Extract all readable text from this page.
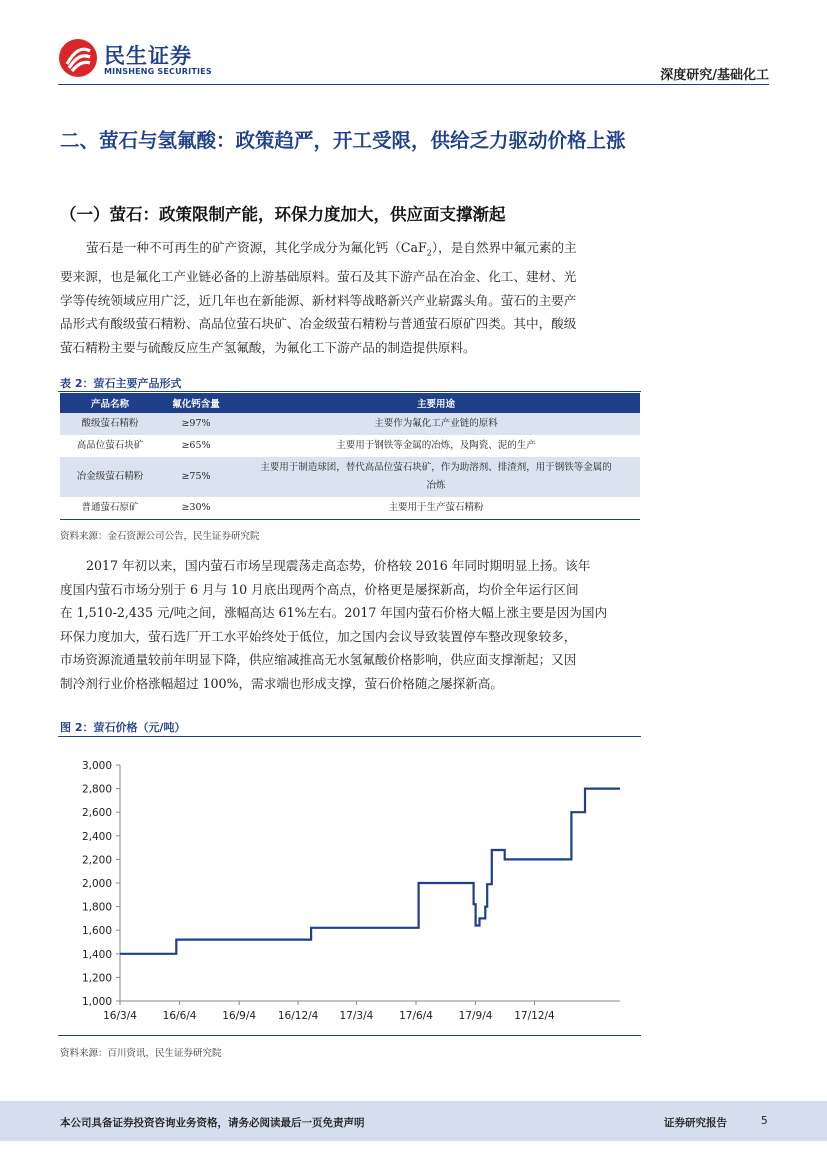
民生证券
MINSHENG SECURITIES	深度研究/基础化工
二、萤石与氢氟酸：政策趋严，开工受限，供给乏力驱动价格上涨
（一）萤石：政策限制产能，环保力度加大，供应面支撑渐起
萤石是一种不可再生的矿产资源，其化学成分为氟化钙（CaF$_2$），是自然界中氟元素的主
要来源，也是氟化工产业链必备的上游基础原料。萤石及其下游产品在冶金、化工、建材、光
学等传统领域应用广泛，近几年也在新能源、新材料等战略新兴产业崭露头角。萤石的主要产
品形式有酸级萤石精粉、高品位萤石块矿、冶金级萤石精粉与普通萤石原矿四类。其中，酸级
萤石精粉主要与硫酸反应生产氢氟酸，为氟化工下游产品的制造提供原料。
表 2：萤石主要产品形式
产品名称	氟化钙含量	主要用途
酸级萤石精粉	≥97%	主要作为氟化工产业链的原料
高品位萤石块矿	≥65%	主要用于钢铁等金属的冶炼，及陶瓷、泥的生产
冶金级萤石精粉	≥75%	主要用于制造球团，替代高品位萤石块矿，作为助溶剂、排渣剂，用于钢铁等金属的冶炼
普通萤石原矿	≥30%	主要用于生产萤石精粉
资料来源：金石资源公司公告，民生证券研究院
2017 年初以来，国内萤石市场呈现震荡走高态势，价格较 2016 年同时期明显上扬。该年
度国内萤石市场分别于 6 月与 10 月底出现两个高点，价格更是屡探新高，均价全年运行区间
在 1,510-2,435 元/吨之间，涨幅高达 61%左右。2017 年国内萤石价格大幅上涨主要是因为国内
环保力度加大，萤石选厂开工水平始终处于低位，加之国内会议导致装置停车整改现象较多，
市场资源流通量较前年明显下降，供应缩减推高无水氢氟酸价格影响，供应面支撑渐起；又因
制冷剂行业价格涨幅超过 100%，需求端也形成支撑，萤石价格随之屡探新高。
图 2：萤石价格（元/吨）
1,000
1,200
1,400
1,600
1,800
2,000
2,200
2,400
2,600
2,800
3,000
16/3/4 16/6/4 16/9/4 16/12/4 17/3/4 17/6/4 17/9/4 17/12/4
资料来源：百川资讯，民生证券研究院
本公司具备证券投资咨询业务资格，请务必阅读最后一页免责声明	证券研究报告	5
